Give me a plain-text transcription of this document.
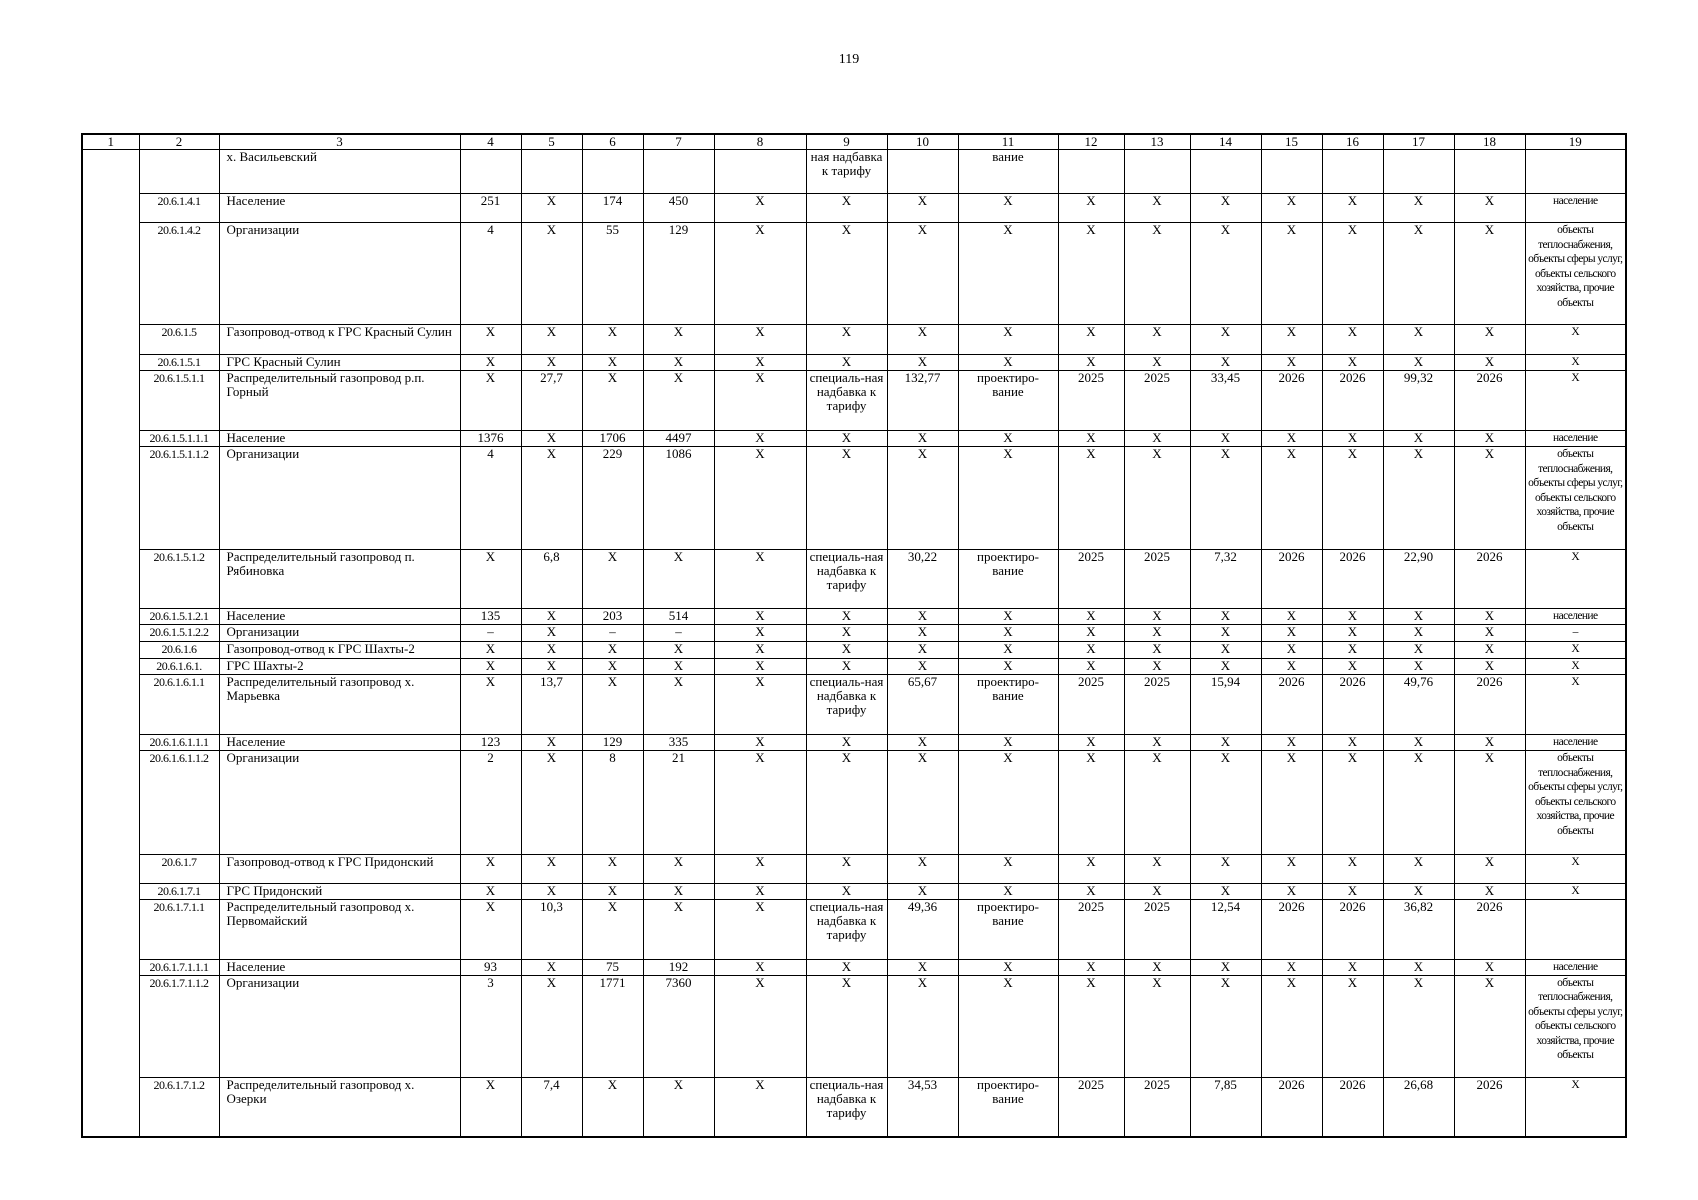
119
1	2	3	4	5	6	7	8	9	10	11	12	13	14	15	16	17	18	19
		х. Васильевский						ная надбавка к тарифу		вание								
	20.6.1.4.1	Население	251	Х	174	450	Х	Х	Х	Х	Х	Х	Х	Х	Х	Х	Х	население
	20.6.1.4.2	Организации	4	Х	55	129	Х	Х	Х	Х	Х	Х	Х	Х	Х	Х	Х	объекты теплоснабжения, объекты сферы услуг, объекты сельского хозяйства, прочие объекты
	20.6.1.5	Газопровод-отвод к ГРС Красный Сулин	Х	Х	Х	Х	Х	Х	Х	Х	Х	Х	Х	Х	Х	Х	Х	Х
	20.6.1.5.1	ГРС Красный Сулин	Х	Х	Х	Х	Х	Х	Х	Х	Х	Х	Х	Х	Х	Х	Х	Х
	20.6.1.5.1.1	Распределительный газопровод р.п. Горный	Х	27,7	Х	Х	Х	специаль-ная надбавка к тарифу	132,77	проектиро-вание	2025	2025	33,45	2026	2026	99,32	2026	Х
	20.6.1.5.1.1.1	Население	1376	Х	1706	4497	Х	Х	Х	Х	Х	Х	Х	Х	Х	Х	Х	население
	20.6.1.5.1.1.2	Организации	4	Х	229	1086	Х	Х	Х	Х	Х	Х	Х	Х	Х	Х	Х	объекты теплоснабжения, объекты сферы услуг, объекты сельского хозяйства, прочие объекты
	20.6.1.5.1.2	Распределительный газопровод п. Рябиновка	Х	6,8	Х	Х	Х	специаль-ная надбавка к тарифу	30,22	проектиро-вание	2025	2025	7,32	2026	2026	22,90	2026	Х
	20.6.1.5.1.2.1	Население	135	Х	203	514	Х	Х	Х	Х	Х	Х	Х	Х	Х	Х	Х	население
	20.6.1.5.1.2.2	Организации	–	Х	–	–	Х	Х	Х	Х	Х	Х	Х	Х	Х	Х	Х	–
	20.6.1.6	Газопровод-отвод к ГРС Шахты-2	Х	Х	Х	Х	Х	Х	Х	Х	Х	Х	Х	Х	Х	Х	Х	Х
	20.6.1.6.1.	ГРС Шахты-2	Х	Х	Х	Х	Х	Х	Х	Х	Х	Х	Х	Х	Х	Х	Х	Х
	20.6.1.6.1.1	Распределительный газопровод х. Марьевка	Х	13,7	Х	Х	Х	специаль-ная надбавка к тарифу	65,67	проектиро-вание	2025	2025	15,94	2026	2026	49,76	2026	Х
	20.6.1.6.1.1.1	Население	123	Х	129	335	Х	Х	Х	Х	Х	Х	Х	Х	Х	Х	Х	население
	20.6.1.6.1.1.2	Организации	2	Х	8	21	Х	Х	Х	Х	Х	Х	Х	Х	Х	Х	Х	объекты теплоснабжения, объекты сферы услуг, объекты сельского хозяйства, прочие объекты
	20.6.1.7	Газопровод-отвод к ГРС Придонский	Х	Х	Х	Х	Х	Х	Х	Х	Х	Х	Х	Х	Х	Х	Х	Х
	20.6.1.7.1	ГРС Придонский	Х	Х	Х	Х	Х	Х	Х	Х	Х	Х	Х	Х	Х	Х	Х	Х
	20.6.1.7.1.1	Распределительный газопровод х. Первомайский	Х	10,3	Х	Х	Х	специаль-ная надбавка к тарифу	49,36	проектиро-вание	2025	2025	12,54	2026	2026	36,82	2026	
	20.6.1.7.1.1.1	Население	93	Х	75	192	Х	Х	Х	Х	Х	Х	Х	Х	Х	Х	Х	население
	20.6.1.7.1.1.2	Организации	3	Х	1771	7360	Х	Х	Х	Х	Х	Х	Х	Х	Х	Х	Х	объекты теплоснабжения, объекты сферы услуг, объекты сельского хозяйства, прочие объекты
	20.6.1.7.1.2	Распределительный газопровод х. Озерки	Х	7,4	Х	Х	Х	специаль-ная надбавка к тарифу	34,53	проектиро-вание	2025	2025	7,85	2026	2026	26,68	2026	Х
